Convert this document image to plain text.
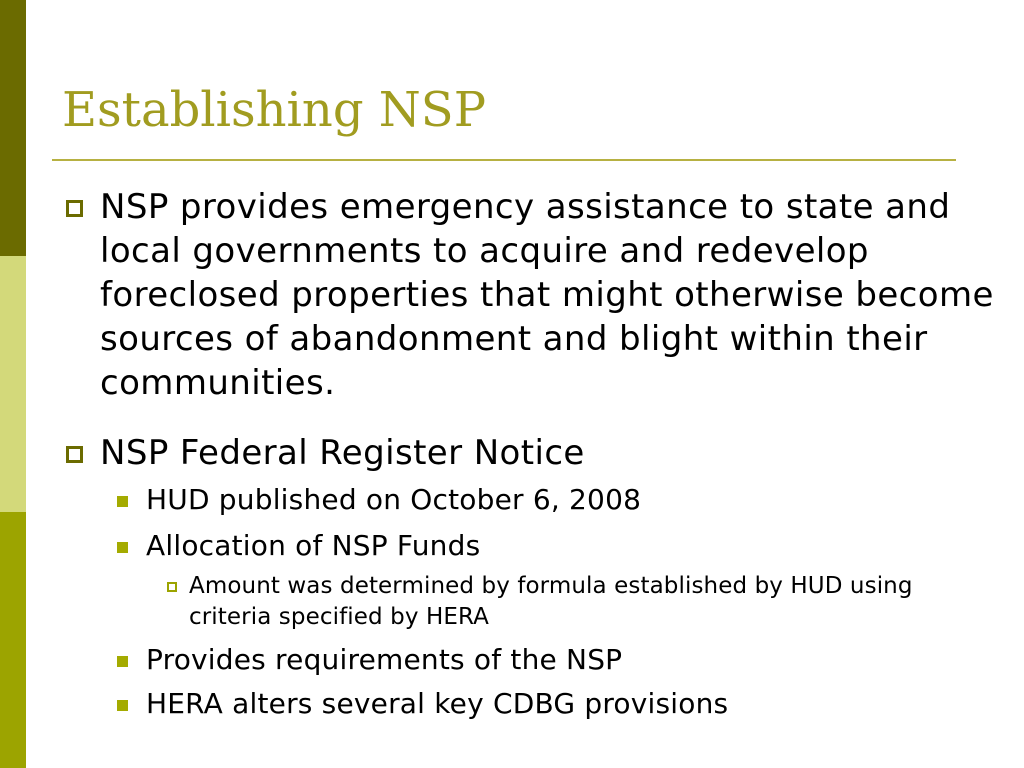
Establishing NSP
NSP provides emergency assistance to state and local governments to acquire and redevelop foreclosed properties that might otherwise become sources of abandonment and blight within their communities.
NSP Federal Register Notice
HUD published on October 6, 2008
Allocation of NSP Funds
Amount was determined by formula established by HUD using criteria specified by HERA
Provides requirements of the NSP
HERA alters several key CDBG provisions
